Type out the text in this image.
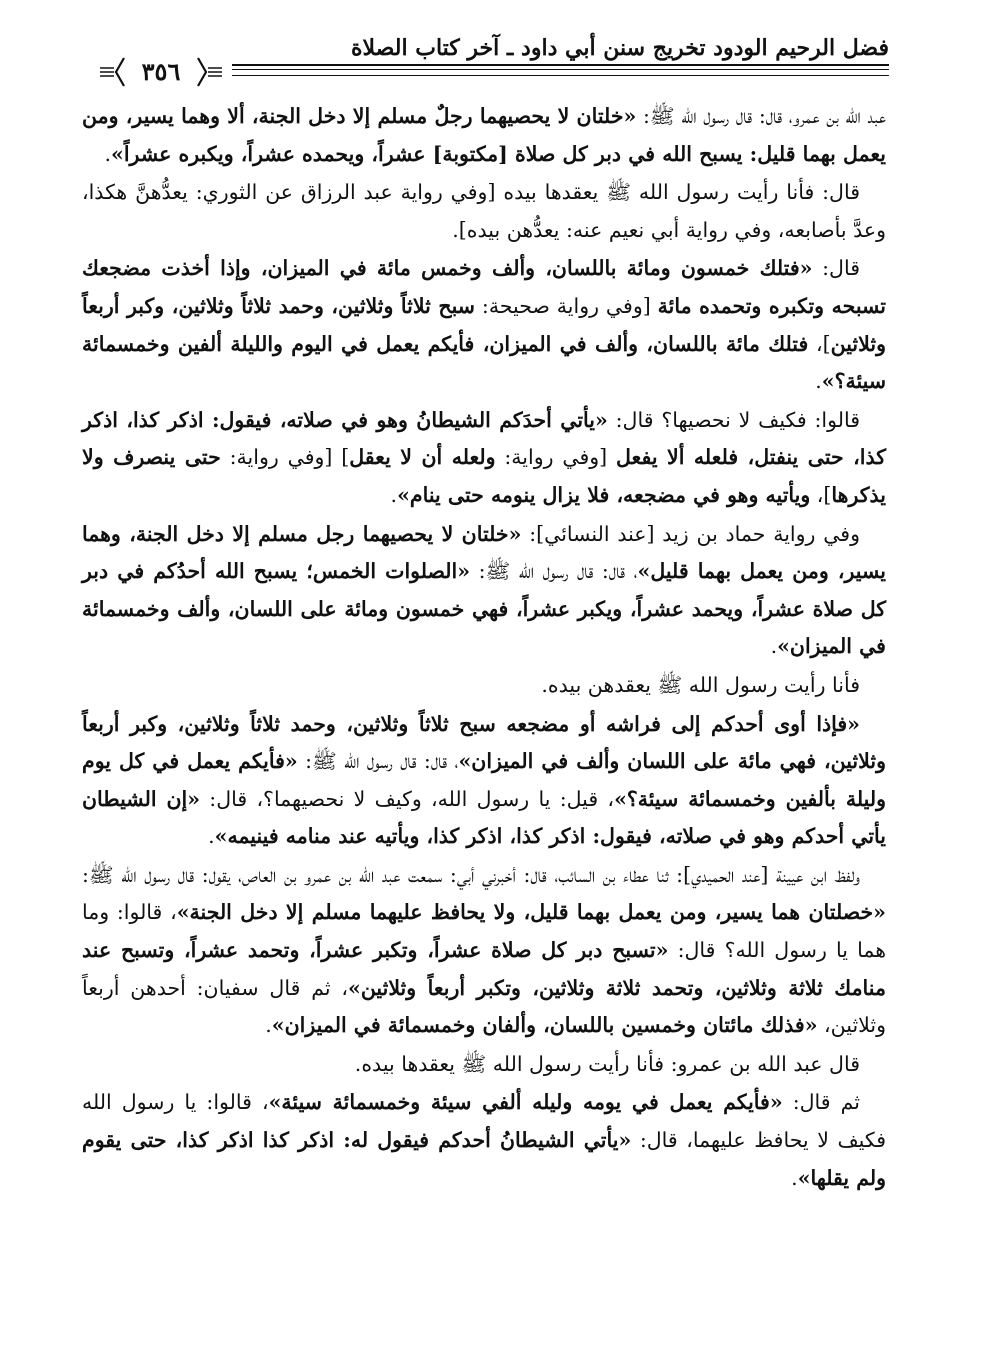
فضل الرحيم الودود تخريج سنن أبي داود ـ آخر كتاب الصلاة
٣٥٦

عبد الله بن عمرو، قال: قال رسول الله ﷺ: «خلتان لا يحصيهما رجلٌ مسلم إلا دخل الجنة، ألا وهما يسير، ومن يعمل بهما قليل: يسبح الله في دبر كل صلاة [مكتوبة] عشراً، ويحمده عشراً، ويكبره عشراً».

قال: فأنا رأيت رسول الله ﷺ يعقدها بيده [وفي رواية عبد الرزاق عن الثوري: يعدُّهنَّ هكذا، وعدَّ بأصابعه، وفي رواية أبي نعيم عنه: يعدُّهن بيده].

قال: «فتلك خمسون ومائة باللسان، وألف وخمس مائة في الميزان، وإذا أخذت مضجعك تسبحه وتكبره وتحمده مائة [وفي رواية صحيحة: سبح ثلاثاً وثلاثين، وحمد ثلاثاً وثلاثين، وكبر أربعاً وثلاثين]، فتلك مائة باللسان، وألف في الميزان، فأيكم يعمل في اليوم والليلة ألفين وخمسمائة سيئة؟».

قالوا: فكيف لا نحصيها؟ قال: «يأتي أحدَكم الشيطانُ وهو في صلاته، فيقول: اذكر كذا، اذكر كذا، حتى ينفتل، فلعله ألا يفعل [وفي رواية: ولعله أن لا يعقل] [وفي رواية: حتى ينصرف ولا يذكرها]، ويأتيه وهو في مضجعه، فلا يزال ينومه حتى ينام».

وفي رواية حماد بن زيد [عند النسائي]: «خلتان لا يحصيهما رجل مسلم إلا دخل الجنة، وهما يسير، ومن يعمل بهما قليل»، قال: قال رسول الله ﷺ: «الصلوات الخمس؛ يسبح الله أحدُكم في دبر كل صلاة عشراً، ويحمد عشراً، ويكبر عشراً، فهي خمسون ومائة على اللسان، وألف وخمسمائة في الميزان».

فأنا رأيت رسول الله ﷺ يعقدهن بيده.

«فإذا أوى أحدكم إلى فراشه أو مضجعه سبح ثلاثاً وثلاثين، وحمد ثلاثاً وثلاثين، وكبر أربعاً وثلاثين، فهي مائة على اللسان وألف في الميزان»، قال: قال رسول الله ﷺ: «فأيكم يعمل في كل يوم وليلة بألفين وخمسمائة سيئة؟»، قيل: يا رسول الله، وكيف لا نحصيهما؟، قال: «إن الشيطان يأتي أحدكم وهو في صلاته، فيقول: اذكر كذا، اذكر كذا، ويأتيه عند منامه فينيمه».

ولفظ ابن عيينة [عند الحميدي]: ثنا عطاء بن السائب، قال: أخبرني أبي: سمعت عبد الله بن عمرو بن العاص، يقول: قال رسول الله ﷺ: «خصلتان هما يسير، ومن يعمل بهما قليل، ولا يحافظ عليهما مسلم إلا دخل الجنة»، قالوا: وما هما يا رسول الله؟ قال: «تسبح دبر كل صلاة عشراً، وتكبر عشراً، وتحمد عشراً، وتسبح عند منامك ثلاثة وثلاثين، وتحمد ثلاثة وثلاثين، وتكبر أربعاً وثلاثين»، ثم قال سفيان: أحدهن أربعاً وثلاثين، «فذلك مائتان وخمسين باللسان، وألفان وخمسمائة في الميزان».

قال عبد الله بن عمرو: فأنا رأيت رسول الله ﷺ يعقدها بيده.

ثم قال: «فأيكم يعمل في يومه وليله ألفي سيئة وخمسمائة سيئة»، قالوا: يا رسول الله فكيف لا يحافظ عليهما، قال: «يأتي الشيطانُ أحدكم فيقول له: اذكر كذا اذكر كذا، حتى يقوم ولم يقلها».
